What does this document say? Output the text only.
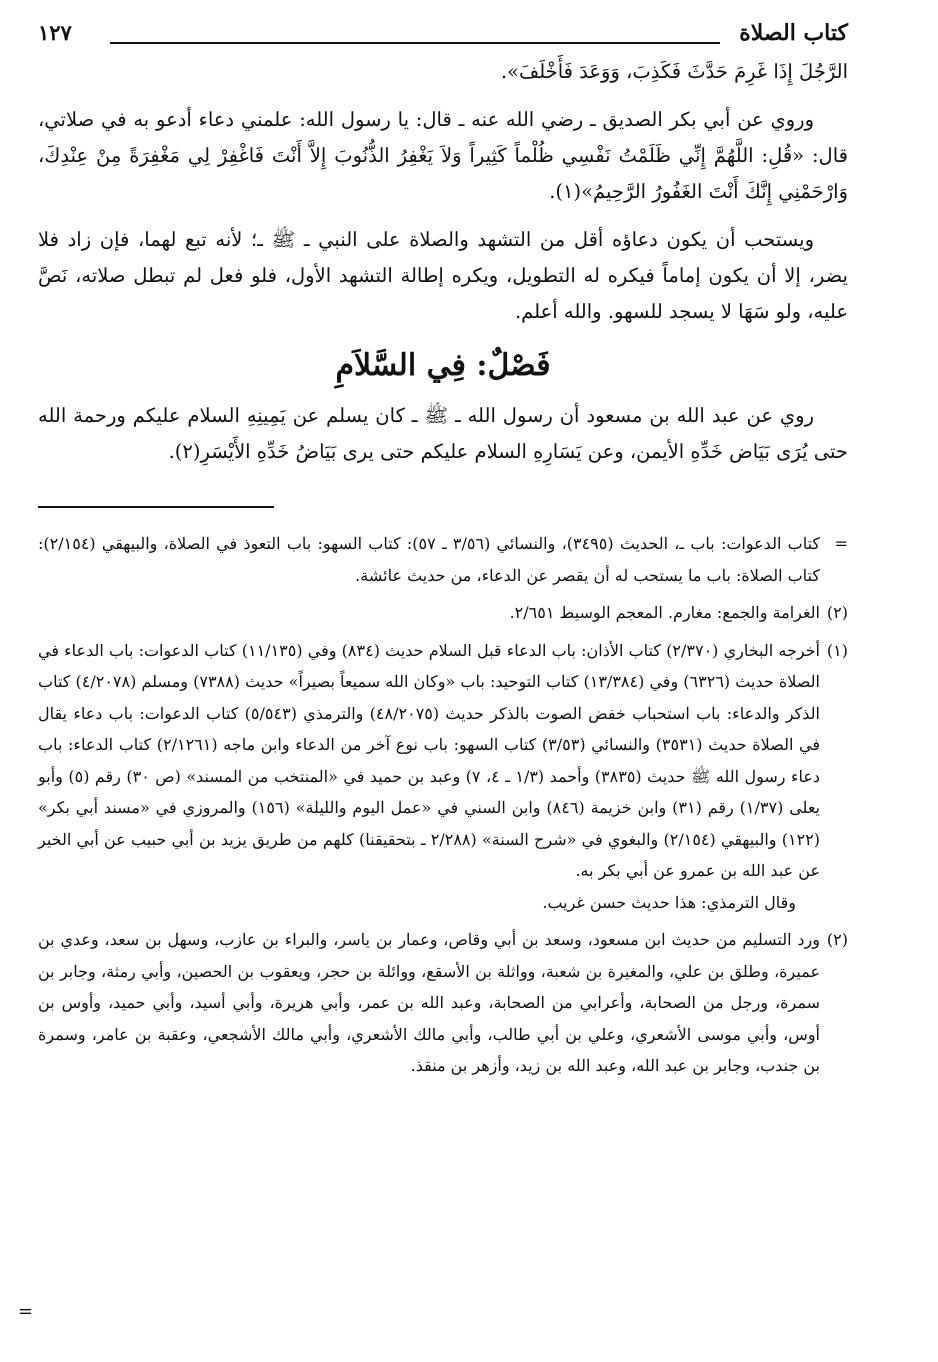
كتاب الصلاة
١٢٧

الرَّجُلَ إِذَا غَرِمَ حَدَّثَ فَكَذِبَ، وَوَعَدَ فَأَخْلَفَ».

وروي عن أبي بكر الصديق ـ رضي الله عنه ـ قال: يا رسول الله: علمني دعاء أدعو به في صلاتي، قال: «قُلِ: اللَّهُمَّ إِنِّي ظَلَمْتُ نَفْسِي ظُلْماً كَثِيراً وَلاَ يَغْفِرُ الذُّنُوبَ إِلاَّ أَنْتَ فَاغْفِرْ لِي مَغْفِرَةً مِنْ عِنْدِكَ، وَارْحَمْنِي إِنَّكَ أَنْتَ الغَفُورُ الرَّحِيمُ»(١).

ويستحب أن يكون دعاؤه أقل من التشهد والصلاة على النبي ـ ﷺ ـ؛ لأنه تبع لهما، فإن زاد فلا يضر، إلا أن يكون إماماً فيكره له التطويل، ويكره إطالة التشهد الأول، فلو فعل لم تبطل صلاته، نَصَّ عليه، ولو سَهَا لا يسجد للسهو. والله أعلم.

فَصْلٌ: فِي السَّلاَمِ

روي عن عبد الله بن مسعود أن رسول الله ـ ﷺ ـ كان يسلم عن يَمِينِهِ السلام عليكم ورحمة الله حتى يُرَى بَيَاض خَدِّهِ الأيمن، وعن يَسَارِهِ السلام عليكم حتى يرى بَيَاضُ خَدِّهِ الأَيْسَرِ(٢).

=
كتاب الدعوات: باب ـ، الحديث (٣٤٩٥)، والنسائي (٣/٥٦ ـ ٥٧): كتاب السهو: باب التعوذ في الصلاة، والبيهقي (٢/١٥٤): كتاب الصلاة: باب ما يستحب له أن يقصر عن الدعاء، من حديث عائشة.
(٢)
الغرامة والجمع: مغارم. المعجم الوسيط ٢/٦٥١.
(١)
أخرجه البخاري (٢/٣٧٠) كتاب الأذان: باب الدعاء قبل السلام حديث (٨٣٤) وفي (١١/١٣٥) كتاب الدعوات: باب الدعاء في الصلاة حديث (٦٣٢٦) وفي (١٣/٣٨٤) كتاب التوحيد: باب «وكان الله سميعاً بصيراً» حديث (٧٣٨٨) ومسلم (٤/٢٠٧٨) كتاب الذكر والدعاء: باب استحباب خفض الصوت بالذكر حديث (٤٨/٢٠٧٥) والترمذي (٥/٥٤٣) كتاب الدعوات: باب دعاء يقال في الصلاة حديث (٣٥٣١) والنسائي (٣/٥٣) كتاب السهو: باب نوع آخر من الدعاء وابن ماجه (٢/١٢٦١) كتاب الدعاء: باب دعاء رسول الله ﷺ حديث (٣٨٣٥) وأحمد (١/٣ ـ ٤، ٧) وعبد بن حميد في «المنتخب من المسند» (ص ٣٠) رقم (٥) وأبو يعلى (١/٣٧) رقم (٣١) وابن خزيمة (٨٤٦) وابن السني في «عمل اليوم والليلة» (١٥٦) والمروزي في «مسند أبي بكر» (١٢٢) والبيهقي (٢/١٥٤) والبغوي في «شرح السنة» (٢/٢٨٨ ـ بتحقيقنا) كلهم من طريق يزيد بن أبي حبيب عن أبي الخير عن عبد الله بن عمرو عن أبي بكر به.
وقال الترمذي: هذا حديث حسن غريب.
(٢)
ورد التسليم من حديث ابن مسعود، وسعد بن أبي وقاص، وعمار بن ياسر، والبراء بن عازب، وسهل بن سعد، وعدي بن عميرة، وطلق بن علي، والمغيرة بن شعبة، وواثلة بن الأسقع، ووائلة بن حجر، ويعقوب بن الحصين، وأبي رمثة، وجابر بن سمرة، ورجل من الصحابة، وأعرابي من الصحابة، وعبد الله بن عمر، وأبي هريرة، وأبي أسيد، وأبي حميد، وأوس بن أوس، وأبي موسى الأشعري، وعلي بن أبي طالب، وأبي مالك الأشعري، وأبي مالك الأشجعي، وعقبة بن عامر، وسمرة بن جندب، وجابر بن عبد الله، وعبد الله بن زيد، وأزهر بن منقذ.
=
